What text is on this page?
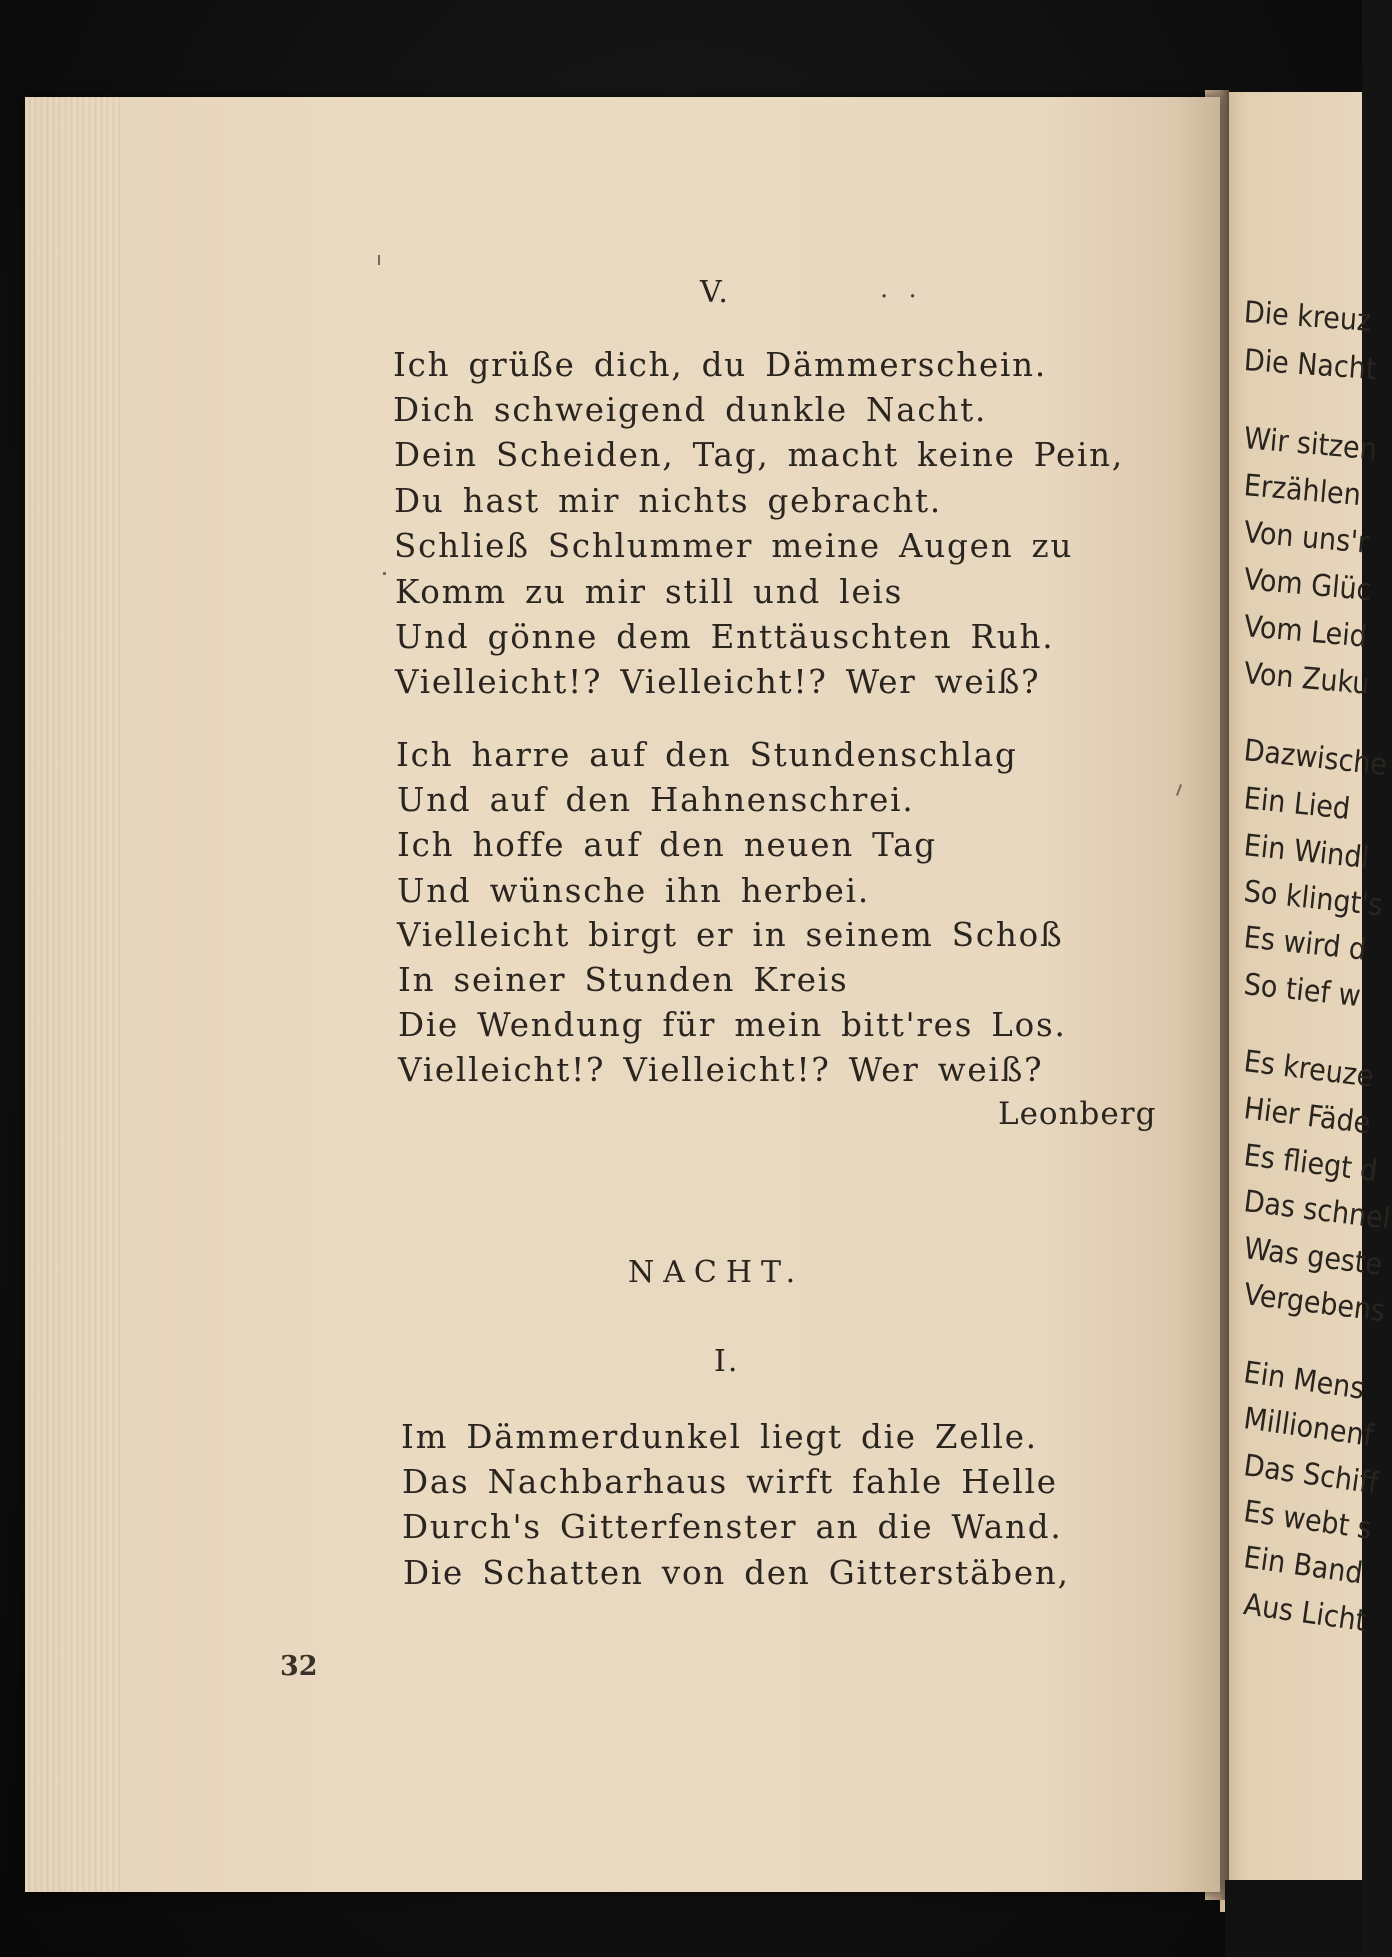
V.	· ·
Ich grüße dich, du Dämmerschein.
Dich schweigend dunkle Nacht.
Dein Scheiden, Tag, macht keine Pein,
Du hast mir nichts gebracht.
Schließ Schlummer meine Augen zu
Komm zu mir still und leis
Und gönne dem Enttäuschten Ruh.
Vielleicht!? Vielleicht!? Wer weiß?
Ich harre auf den Stundenschlag
Und auf den Hahnenschrei.
Ich hoffe auf den neuen Tag
Und wünsche ihn herbei.
Vielleicht birgt er in seinem Schoß
In seiner Stunden Kreis
Die Wendung für mein bitt'res Los.
Vielleicht!? Vielleicht!? Wer weiß?
Leonberg
NACHT.
I.
Im Dämmerdunkel liegt die Zelle.
Das Nachbarhaus wirft fahle Helle
Durch's Gitterfenster an die Wand.
Die Schatten von den Gitterstäben,
32
Die kreuz
Die Nacht
Wir sitzen
Erzählen
Von uns'r
Vom Glüc
Vom Leid
Von Zuku
Dazwische
Ein Lied
Ein Windl
So klingt's
Es wird d
So tief w
Es kreuze
Hier Fäde
Es fliegt d
Das schnel
Was geste
Vergebens
Ein Mens
Millionenf
Das Schiff
Es webt s
Ein Band
Aus Licht
